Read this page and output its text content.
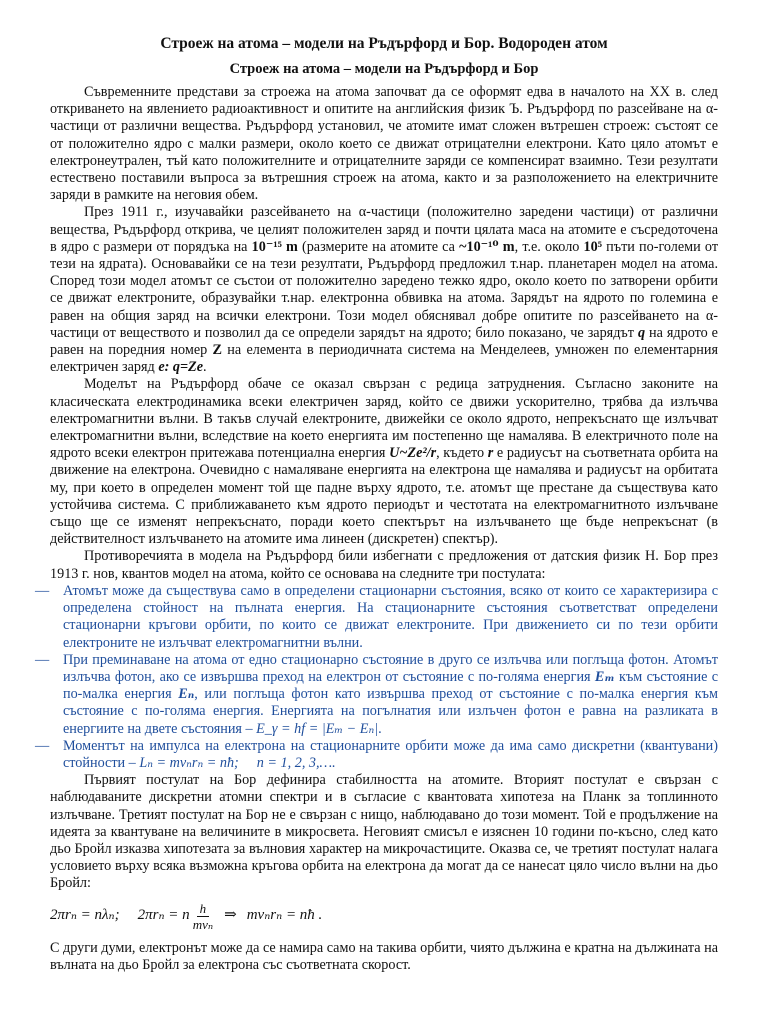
Строеж на атома – модели на Ръдърфорд и Бор. Водороден атом
Строеж на атома – модели на Ръдърфорд и Бор

Съвременните представи за строежа на атома започват да се оформят едва в началото на XX в. след откриването на явлението радиоактивност и опитите на английския физик Ъ. Ръдърфорд по разсейване на α-частици от различни вещества. Ръдърфорд установил, че атомите имат сложен вътрешен строеж: състоят се от положително ядро с малки размери, около което се движат отрицателни електрони. Като цяло атомът е електронеутрален, тъй като положителните и отрицателните заряди се компенсират взаимно. Тези резултати естествено поставили въпроса за вътрешния строеж на атома, както и за разположението на електричните заряди в рамките на неговия обем.

През 1911 г., изучавайки разсейването на α-частици (положително заредени частици) от различни вещества, Ръдърфорд открива, че целият положителен заряд и почти цялата маса на атомите е съсредоточена в ядро с размери от порядъка на 10⁻¹⁵ m (размерите на атомите са ~10⁻¹⁰ m, т.е. около 10⁵ пъти по-големи от тези на ядрата). Основавайки се на тези резултати, Ръдърфорд предложил т.нар. планетарен модел на атома. Според този модел атомът се състои от положително заредено тежко ядро, около което по затворени орбити се движат електроните, образувайки т.нар. електронна обвивка на атома. Зарядът на ядрото по големина е равен на общия заряд на всички електрони. Този модел обяснявал добре опитите по разсейването на α-частици от веществото и позволил да се определи зарядът на ядрото; било показано, че зарядът q на ядрото е равен на поредния номер Z на елемента в периодичната система на Менделеев, умножен по елементарния електричен заряд e: q=Ze.

Моделът на Ръдърфорд обаче се оказал свързан с редица затруднения. Съгласно законите на класическата електродинамика всеки електричен заряд, който се движи ускорително, трябва да излъчва електромагнитни вълни. В такъв случай електроните, движейки се около ядрото, непрекъснато ще излъчват електромагнитни вълни, вследствие на което енергията им постепенно ще намалява. В електричното поле на ядрото всеки електрон притежава потенциална енергия U~Ze²/r, където r е радиусът на съответната орбита на движение на електрона. Очевидно с намаляване енергията на електрона ще намалява и радиусът на орбитата му, при което в определен момент той ще падне върху ядрото, т.е. атомът ще престане да съществува като устойчива система. С приближаването към ядрото периодът и честотата на електромагнитното излъчване също ще се изменят непрекъснато, поради което спектърът на излъчването ще бъде непрекъснат (в действителност излъчването на атомите има линеен (дискретен) спектър).

Противоречията в модела на Ръдърфорд били избегнати с предложения от датския физик Н. Бор през 1913 г. нов, квантов модел на атома, който се основава на следните три постулата:

— Атомът може да съществува само в определени стационарни състояния, всяко от които се характеризира с определена стойност на пълната енергия. На стационарните състояния съответстват определени стационарни кръгови орбити, по които се движат електроните. При движението си по тези орбити електроните не излъчват електромагнитни вълни.
— При преминаване на атома от едно стационарно състояние в друго се излъчва или поглъща фотон. Атомът излъчва фотон, ако се извършва преход на електрон от състояние с по-голяма енергия Eₘ към състояние с по-малка енергия Eₙ, или поглъща фотон като извършва преход от състояние с по-малка енергия към състояние с по-голяма енергия. Енергията на погълнатия или излъчен фотон е равна на разликата в енергиите на двете състояния – E_γ = hf = |Eₘ − Eₙ|.
— Моментът на импулса на електрона на стационарните орбити може да има само дискретни (квантувани) стойности – Lₙ = mvₙrₙ = nħ; n = 1, 2, 3,….

Първият постулат на Бор дефинира стабилността на атомите. Вторият постулат е свързан с наблюдаваните дискретни атомни спектри и в съгласие с квантовата хипотеза на Планк за топлинното излъчване. Третият постулат на Бор не е свързан с нищо, наблюдавано до този момент. Той е продължение на идеята за квантуване на величините в микросвета. Неговият смисъл е изяснен 10 години по-късно, след като дьо Бройл изказва хипотезата за вълновия характер на микрочастиците. Оказва се, че третият постулат налага условието върху всяка възможна кръгова орбита на електрона да могат да се нанесат цяло число вълни на дьо Бройл:

2πrₙ = nλₙ; 2πrₙ = n $\frac{h}{\text{mvₙ}}$ ⇒ mvₙrₙ = nħ .

С други думи, електронът може да се намира само на такива орбити, чиято дължина е кратна на дължината на вълната на дьо Бройл за електрона със съответната скорост.
